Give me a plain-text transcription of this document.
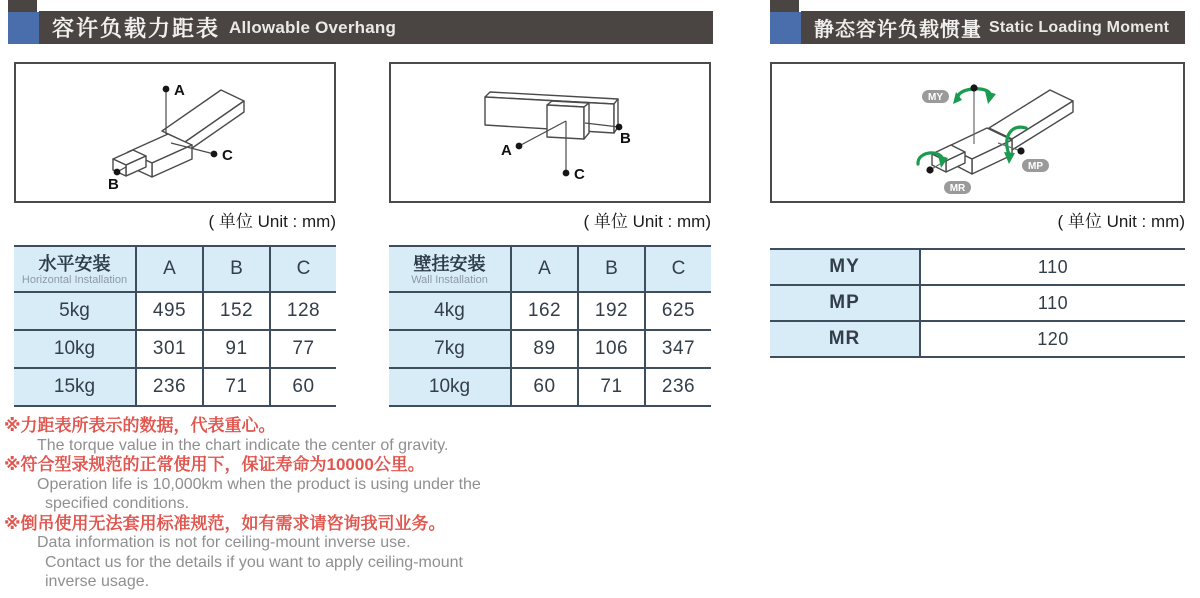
容许负载力距表 Allowable Overhang	静态容许负载惯量 Static Loading Moment
A
C
B
( 单位 Unit : mm)
A
C
B
( 单位 Unit : mm)
MY
MP
MR
( 单位 Unit : mm)
水平安装
Horizontal Installation	A	B	C
5kg	495	152	128
10kg	301	91	77
15kg	236	71	60
壁挂安装
Wall Installation	A	B	C
4kg	162	192	625
7kg	89	106	347
10kg	60	71	236
MY	110
MP	110
MR	120
※力距表所表示的数据，代表重心。
The torque value in the chart indicate the center of gravity.
※符合型录规范的正常使用下，保证寿命为10000公里。
Operation life is 10,000km when the product is using under the
specified conditions.
※倒吊使用无法套用标准规范，如有需求请咨询我司业务。
Data information is not for ceiling-mount inverse use.
Contact us for the details if you want to apply ceiling-mount
inverse usage.
